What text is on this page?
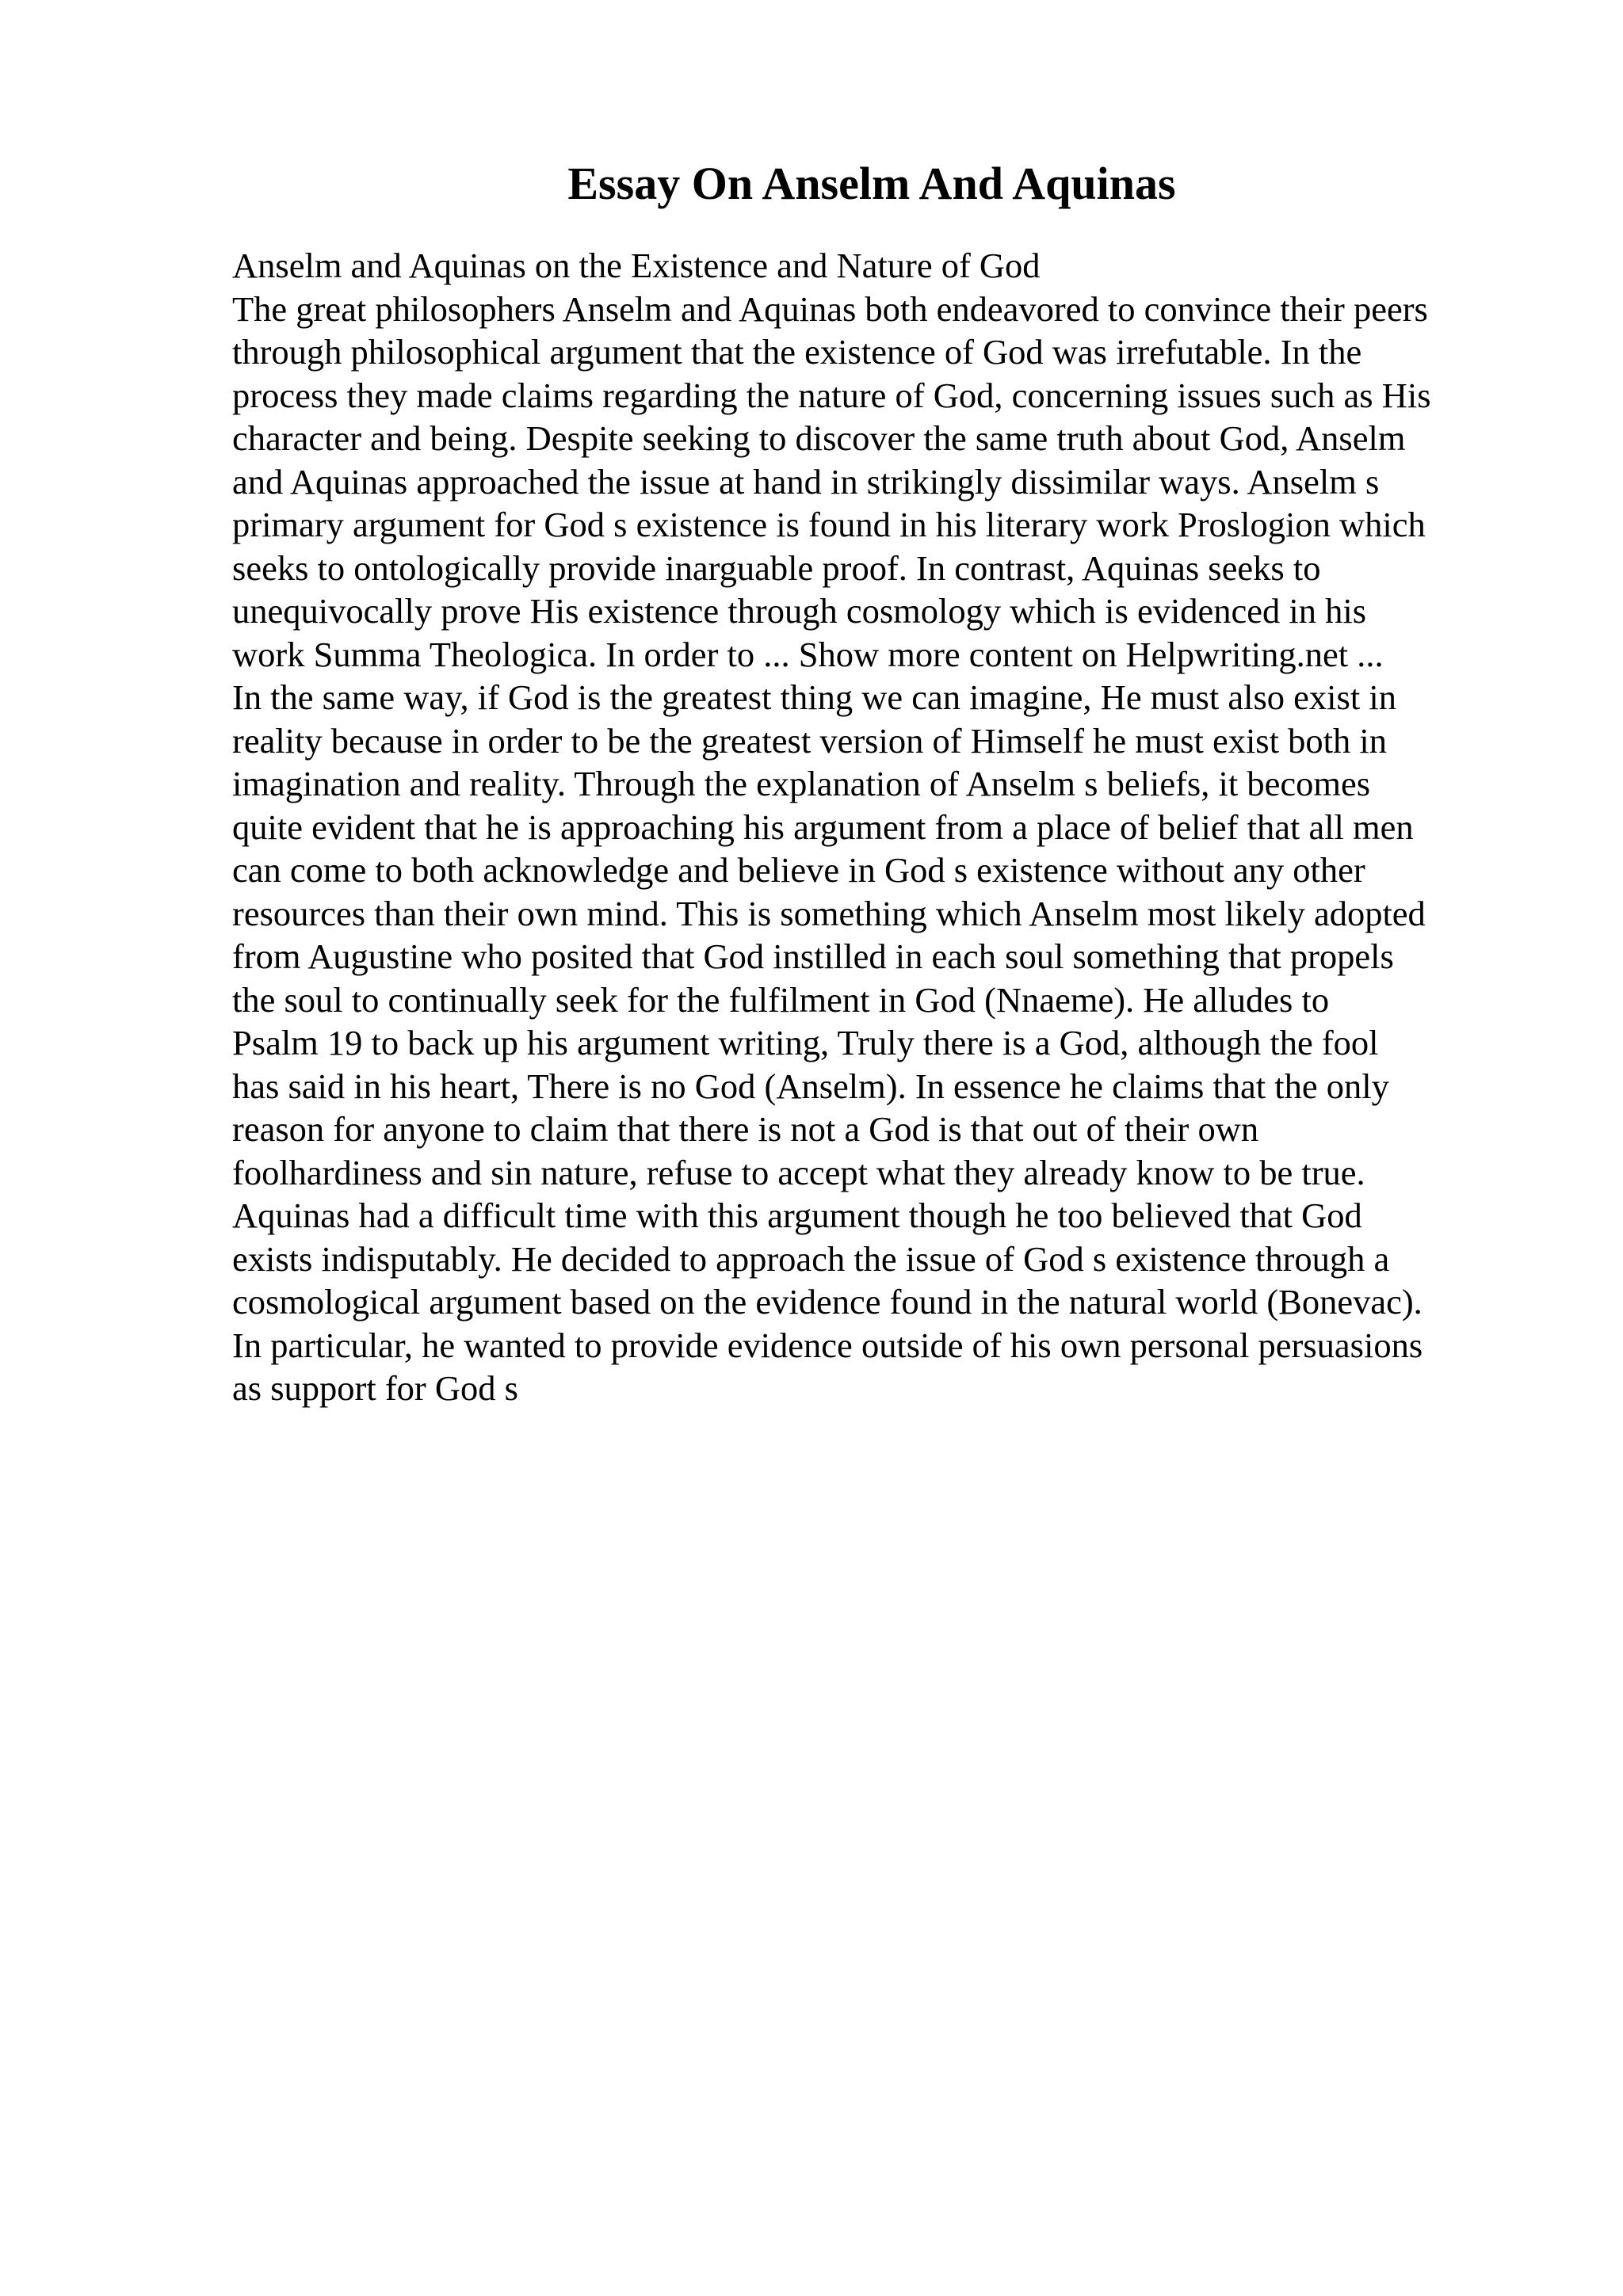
Essay On Anselm And Aquinas
Anselm and Aquinas on the Existence and Nature of God
The great philosophers Anselm and Aquinas both endeavored to convince their peers
through philosophical argument that the existence of God was irrefutable. In the
process they made claims regarding the nature of God, concerning issues such as His
character and being. Despite seeking to discover the same truth about God, Anselm
and Aquinas approached the issue at hand in strikingly dissimilar ways. Anselm s
primary argument for God s existence is found in his literary work Proslogion which
seeks to ontologically provide inarguable proof. In contrast, Aquinas seeks to
unequivocally prove His existence through cosmology which is evidenced in his
work Summa Theologica. In order to ... Show more content on Helpwriting.net ...
In the same way, if God is the greatest thing we can imagine, He must also exist in
reality because in order to be the greatest version of Himself he must exist both in
imagination and reality. Through the explanation of Anselm s beliefs, it becomes
quite evident that he is approaching his argument from a place of belief that all men
can come to both acknowledge and believe in God s existence without any other
resources than their own mind. This is something which Anselm most likely adopted
from Augustine who posited that God instilled in each soul something that propels
the soul to continually seek for the fulfilment in God (Nnaeme). He alludes to
Psalm 19 to back up his argument writing, Truly there is a God, although the fool
has said in his heart, There is no God (Anselm). In essence he claims that the only
reason for anyone to claim that there is not a God is that out of their own
foolhardiness and sin nature, refuse to accept what they already know to be true.
Aquinas had a difficult time with this argument though he too believed that God
exists indisputably. He decided to approach the issue of God s existence through a
cosmological argument based on the evidence found in the natural world (Bonevac).
In particular, he wanted to provide evidence outside of his own personal persuasions
as support for God s
